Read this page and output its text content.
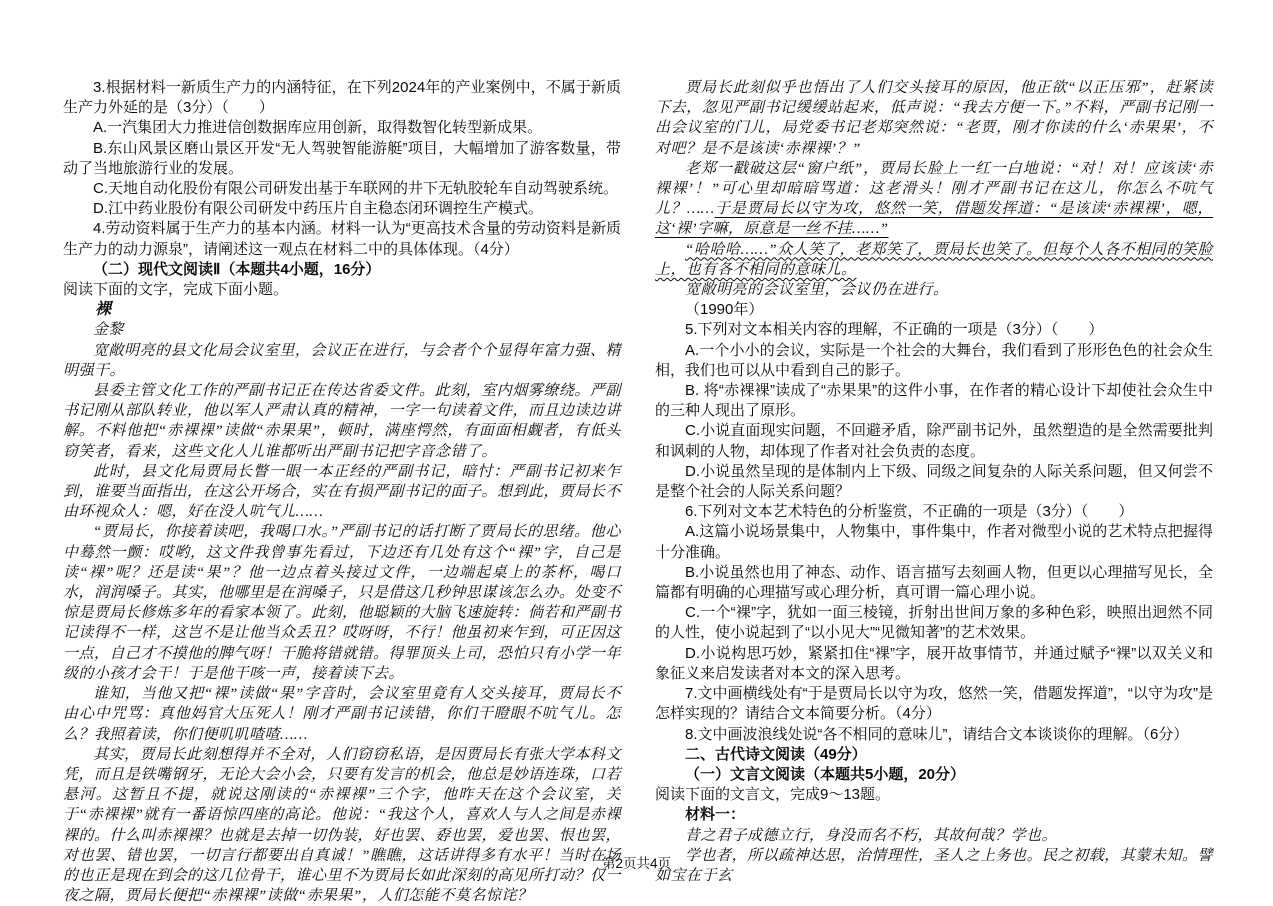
3.根据材料一新质生产力的内涵特征，在下列2024年的产业案例中，不属于新质生产力外延的是（3分）（　　）

A.一汽集团大力推进信创数据库应用创新，取得数智化转型新成果。

B.东山风景区磨山景区开发“无人驾驶智能游艇”项目，大幅增加了游客数量，带动了当地旅游行业的发展。

C.天地自动化股份有限公司研发出基于车联网的井下无轨胶轮车自动驾驶系统。

D.江中药业股份有限公司研发中药压片自主稳态闭环调控生产模式。

4.劳动资料属于生产力的基本内涵。材料一认为“更高技术含量的劳动资料是新质生产力的动力源泉”，请阐述这一观点在材料二中的具体体现。（4分）

（二）现代文阅读Ⅱ（本题共4小题，16分）

阅读下面的文字，完成下面小题。

裸

金黎

宽敞明亮的县文化局会议室里，会议正在进行，与会者个个显得年富力强、精明强干。

县委主管文化工作的严副书记正在传达省委文件。此刻，室内烟雾缭绕。严副书记刚从部队转业，他以军人严肃认真的精神，一字一句读着文件，而且边读边讲解。不料他把“赤裸裸”读做“赤果果”，顿时，满座愕然，有面面相觑者，有低头窃笑者，看来，这些文化人儿谁都听出严副书记把字音念错了。

此时，县文化局贾局长瞥一眼一本正经的严副书记，暗忖：严副书记初来乍到，谁要当面指出，在这公开场合，实在有损严副书记的面子。想到此，贾局长不由环视众人：嗯，好在没人吭气儿……

“贾局长，你接着读吧，我喝口水。”严副书记的话打断了贾局长的思绪。他心中蓦然一颤：哎哟，这文件我曾事先看过，下边还有几处有这个“裸”字，自己是读“裸”呢？还是读“果”？他一边点着头接过文件，一边端起桌上的茶杯，喝口水，润润嗓子。其实，他哪里是在润嗓子，只是借这几秒钟思谋该怎么办。处变不惊是贾局长修炼多年的看家本领了。此刻，他聪颖的大脑飞速旋转：倘若和严副书记读得不一样，这岂不是让他当众丢丑？哎呀呀，不行！他虽初来乍到，可正因这一点，自己才不摸他的脾气呀！干脆将错就错。得罪顶头上司，恐怕只有小学一年级的小孩才会干！于是他干咳一声，接着读下去。

谁知，当他又把“裸”读做“果”字音时，会议室里竟有人交头接耳，贾局长不由心中咒骂：真他妈官大压死人！刚才严副书记读错，你们干瞪眼不吭气儿。怎么？我照着读，你们便叽叽喳喳……

其实，贾局长此刻想得并不全对，人们窃窃私语，是因贾局长有张大学本科文凭，而且是铁嘴钢牙，无论大会小会，只要有发言的机会，他总是妙语连珠，口若悬河。这暂且不提，就说这刚读的“赤裸裸”三个字，他昨天在这个会议室，关于“赤裸裸”就有一番语惊四座的高论。他说：“我这个人，喜欢人与人之间是赤裸裸的。什么叫赤裸裸？也就是去掉一切伪装，好也罢、孬也罢，爱也罢、恨也罢，对也罢、错也罢，一切言行都要出自真诚！”瞧瞧，这话讲得多有水平！当时在场的也正是现在到会的这几位骨干，谁心里不为贾局长如此深刻的高见所打动？仅一夜之隔，贾局长便把“赤裸裸”读做“赤果果”，人们怎能不莫名惊诧？

贾局长此刻似乎也悟出了人们交头接耳的原因，他正欲“以正压邪”，赶紧读下去，忽见严副书记缓缓站起来，低声说：“我去方便一下。”不料，严副书记刚一出会议室的门儿，局党委书记老郑突然说：“老贾，刚才你读的什么‘赤果果’，不对吧？是不是该读‘赤裸裸’？”

老郑一戳破这层“窗户纸”，贾局长脸上一红一白地说：“对！对！应该读‘赤裸裸’！”可心里却暗暗骂道：这老滑头！刚才严副书记在这儿，你怎么不吭气儿？……于是贾局长以守为攻，悠然一笑，借题发挥道：“是该读‘赤裸裸’，嗯，这‘裸’字嘛，原意是一丝不挂……”

“哈哈哈……”众人笑了，老郑笑了，贾局长也笑了。但每个人各不相同的笑脸上，也有各不相同的意味儿。

宽敞明亮的会议室里，会议仍在进行。

（1990年）

5.下列对文本相关内容的理解，不正确的一项是（3分）（　　）

A.一个小小的会议，实际是一个社会的大舞台，我们看到了形形色色的社会众生相，我们也可以从中看到自己的影子。

B. 将“赤裸裸”读成了“赤果果”的这件小事，在作者的精心设计下却使社会众生中的三种人现出了原形。

C.小说直面现实问题，不回避矛盾，除严副书记外，虽然塑造的是全然需要批判和讽刺的人物，却体现了作者对社会负责的态度。

D.小说虽然呈现的是体制内上下级、同级之间复杂的人际关系问题，但又何尝不是整个社会的人际关系问题？

6.下列对文本艺术特色的分析鉴赏，不正确的一项是（3分）（　　）

A.这篇小说场景集中，人物集中，事件集中，作者对微型小说的艺术特点把握得十分准确。

B.小说虽然也用了神态、动作、语言描写去刻画人物，但更以心理描写见长，全篇都有明确的心理描写或心理分析，真可谓一篇心理小说。

C.一个“裸”字，犹如一面三棱镜，折射出世间万象的多种色彩，映照出迥然不同的人性，使小说起到了“以小见大”“见微知著”的艺术效果。

D.小说构思巧妙，紧紧扣住“裸”字，展开故事情节，并通过赋予“裸”以双关义和象征义来启发读者对本文的深入思考。

7.文中画横线处有“于是贾局长以守为攻，悠然一笑，借题发挥道”，“以守为攻”是怎样实现的？请结合文本简要分析。（4分）

8.文中画波浪线处说“各不相同的意味儿”，请结合文本谈谈你的理解。（6分）

二、古代诗文阅读（49分）

（一）文言文阅读（本题共5小题，20分）

阅读下面的文言文，完成9～13题。

材料一：

昔之君子成德立行，身没而名不朽，其故何哉？学也。

学也者，所以疏神达思，治情理性，圣人之上务也。民之初载，其蒙未知。譬如宝在于玄

第2页共4页
